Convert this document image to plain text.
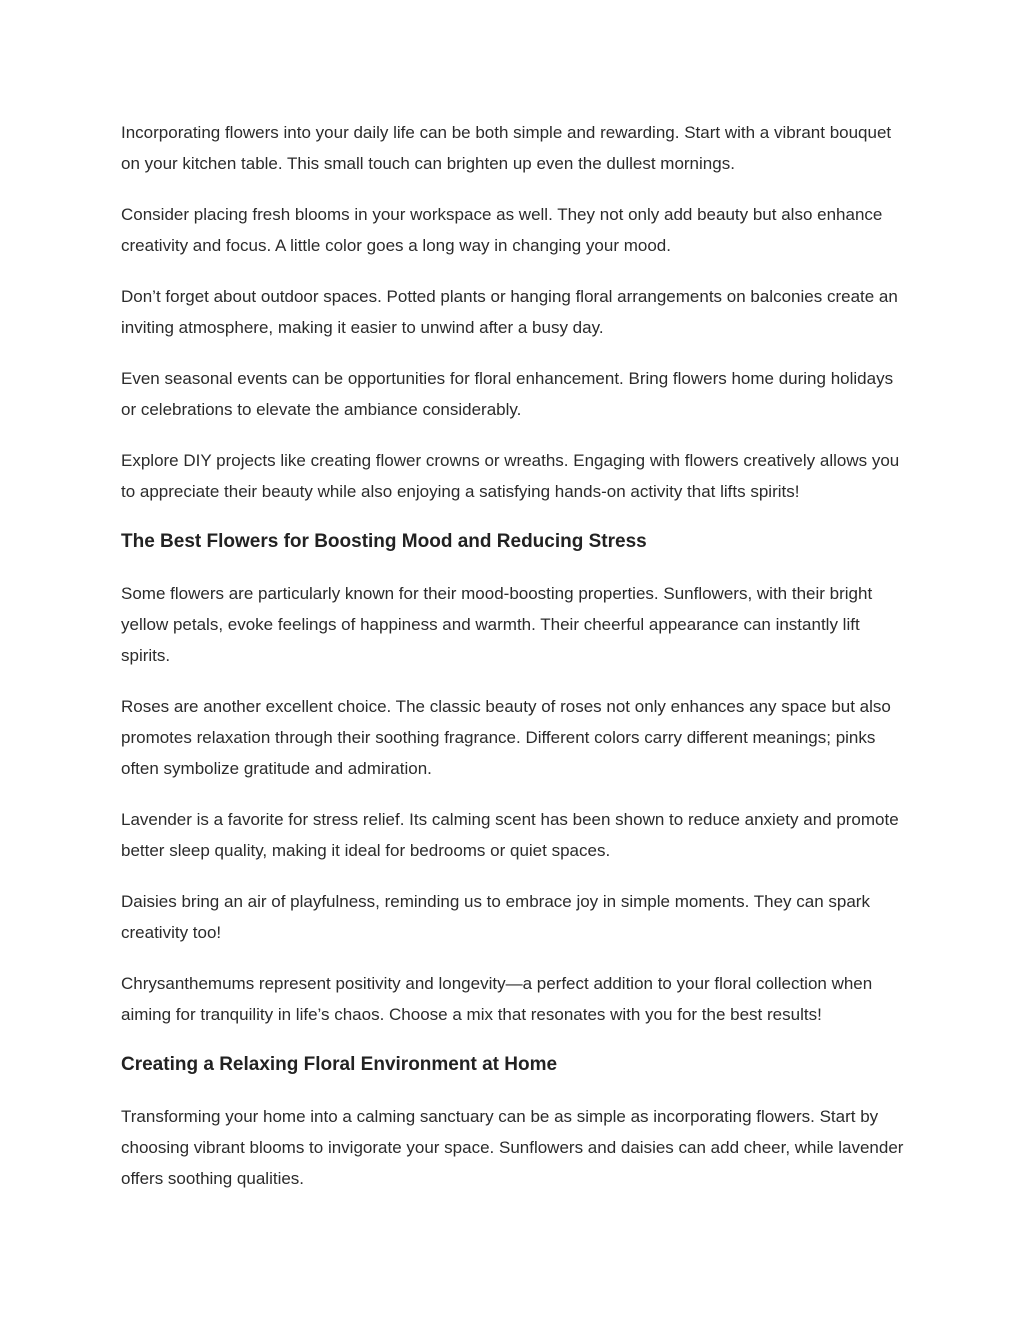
Incorporating flowers into your daily life can be both simple and rewarding. Start with a vibrant bouquet on your kitchen table. This small touch can brighten up even the dullest mornings.

Consider placing fresh blooms in your workspace as well. They not only add beauty but also enhance creativity and focus. A little color goes a long way in changing your mood.

Don’t forget about outdoor spaces. Potted plants or hanging floral arrangements on balconies create an inviting atmosphere, making it easier to unwind after a busy day.

Even seasonal events can be opportunities for floral enhancement. Bring flowers home during holidays or celebrations to elevate the ambiance considerably.

Explore DIY projects like creating flower crowns or wreaths. Engaging with flowers creatively allows you to appreciate their beauty while also enjoying a satisfying hands-on activity that lifts spirits!

The Best Flowers for Boosting Mood and Reducing Stress

Some flowers are particularly known for their mood-boosting properties. Sunflowers, with their bright yellow petals, evoke feelings of happiness and warmth. Their cheerful appearance can instantly lift spirits.

Roses are another excellent choice. The classic beauty of roses not only enhances any space but also promotes relaxation through their soothing fragrance. Different colors carry different meanings; pinks often symbolize gratitude and admiration.

Lavender is a favorite for stress relief. Its calming scent has been shown to reduce anxiety and promote better sleep quality, making it ideal for bedrooms or quiet spaces.

Daisies bring an air of playfulness, reminding us to embrace joy in simple moments. They can spark creativity too!

Chrysanthemums represent positivity and longevity—a perfect addition to your floral collection when aiming for tranquility in life’s chaos. Choose a mix that resonates with you for the best results!

Creating a Relaxing Floral Environment at Home

Transforming your home into a calming sanctuary can be as simple as incorporating flowers. Start by choosing vibrant blooms to invigorate your space. Sunflowers and daisies can add cheer, while lavender offers soothing qualities.
